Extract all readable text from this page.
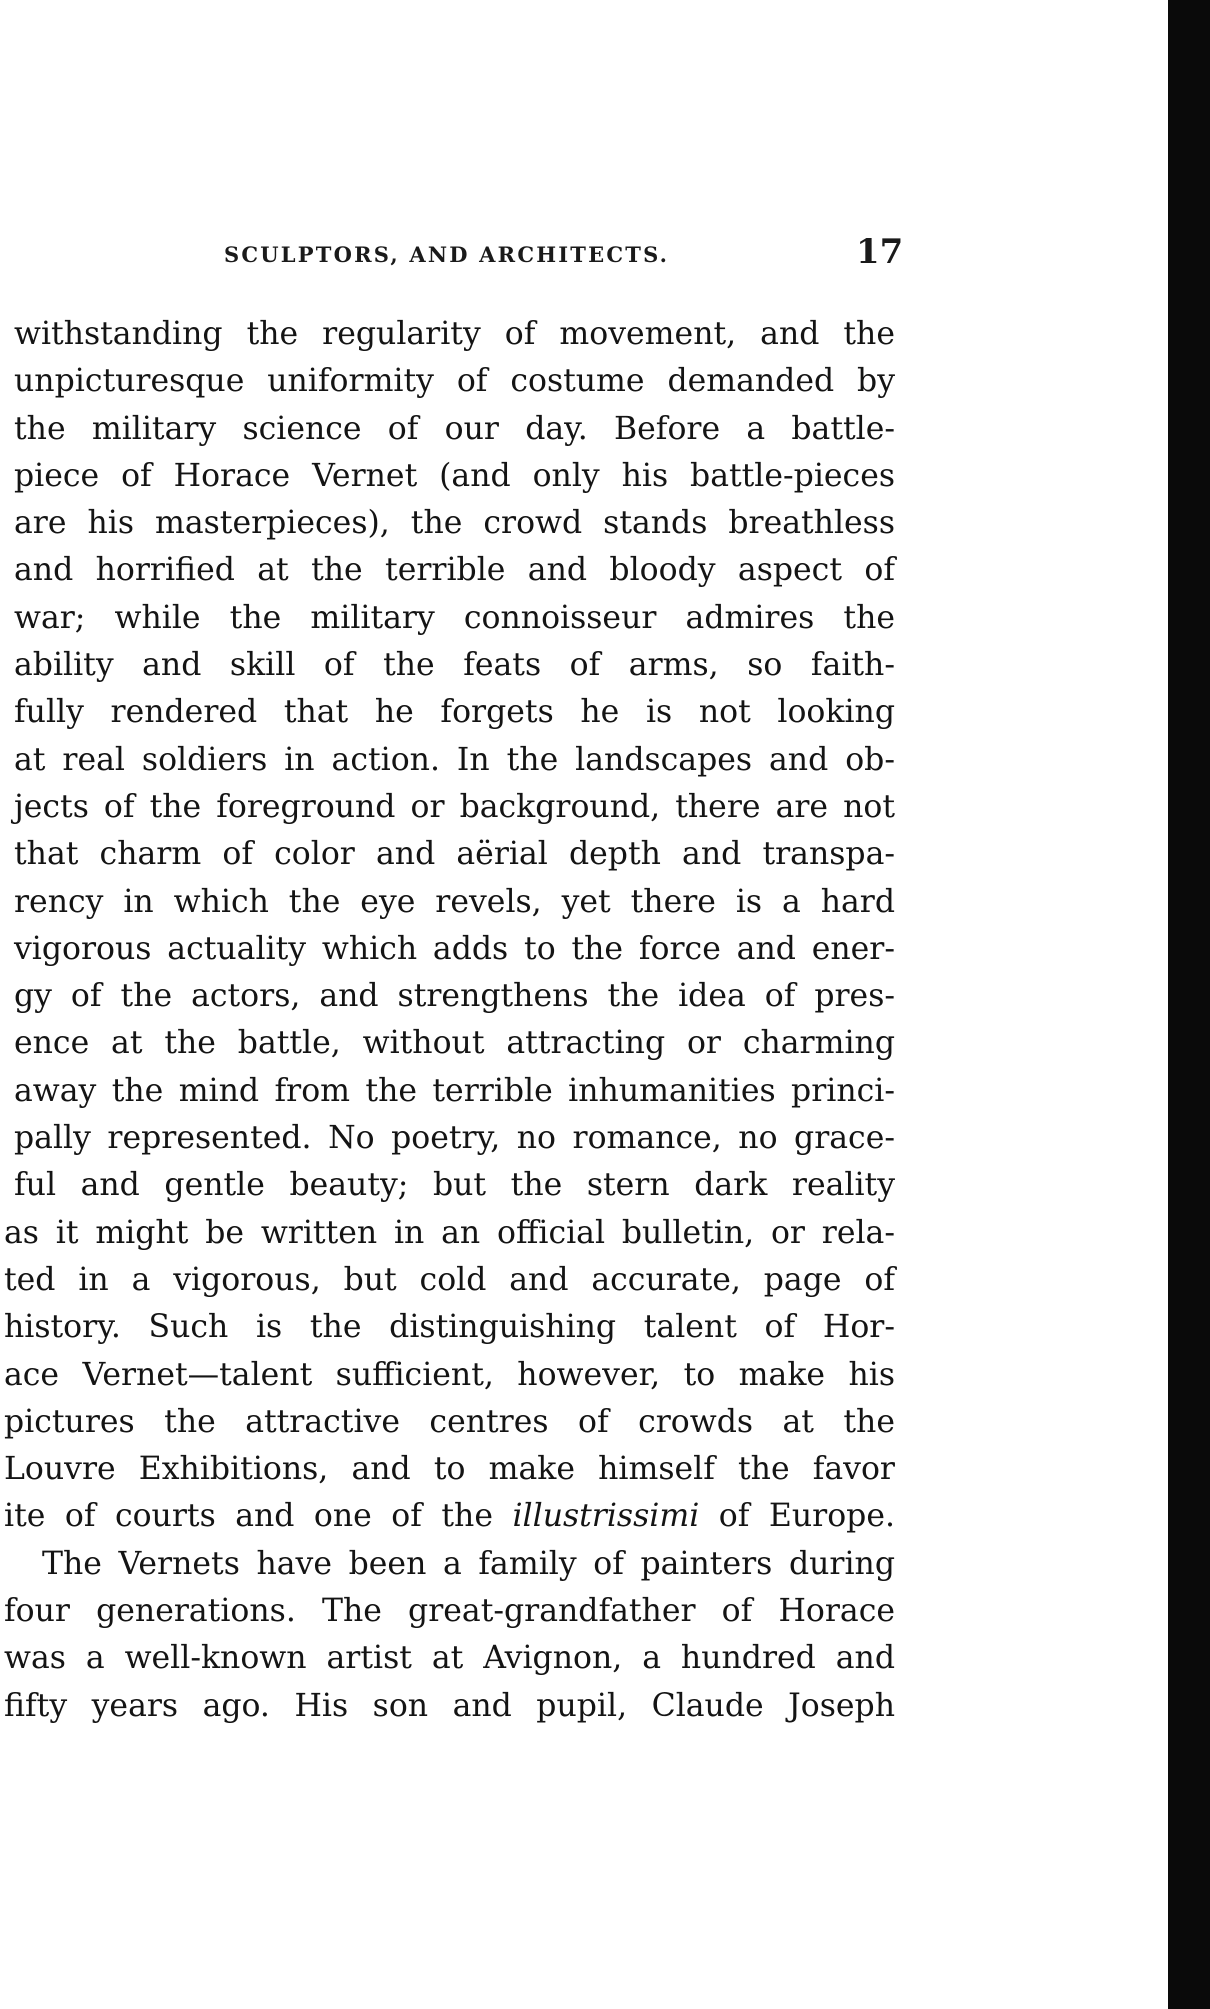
SCULPTORS, AND ARCHITECTS.	17
withstanding the regularity of movement, and the
unpicturesque uniformity of costume demanded by
the military science of our day. Before a battle-
piece of Horace Vernet (and only his battle-pieces
are his masterpieces), the crowd stands breathless
and horrified at the terrible and bloody aspect of
war; while the military connoisseur admires the
ability and skill of the feats of arms, so faith-
fully rendered that he forgets he is not looking
at real soldiers in action. In the landscapes and ob-
jects of the foreground or background, there are not
that charm of color and aërial depth and transpa-
rency in which the eye revels, yet there is a hard
vigorous actuality which adds to the force and ener-
gy of the actors, and strengthens the idea of pres-
ence at the battle, without attracting or charming
away the mind from the terrible inhumanities princi-
pally represented. No poetry, no romance, no grace-
ful and gentle beauty; but the stern dark reality
as it might be written in an official bulletin, or rela-
ted in a vigorous, but cold and accurate, page of
history. Such is the distinguishing talent of Hor-
ace Vernet—talent sufficient, however, to make his
pictures the attractive centres of crowds at the
Louvre Exhibitions, and to make himself the favor
ite of courts and one of the illustrissimi of Europe.
The Vernets have been a family of painters during
four generations. The great-grandfather of Horace
was a well-known artist at Avignon, a hundred and
fifty years ago. His son and pupil, Claude Joseph
